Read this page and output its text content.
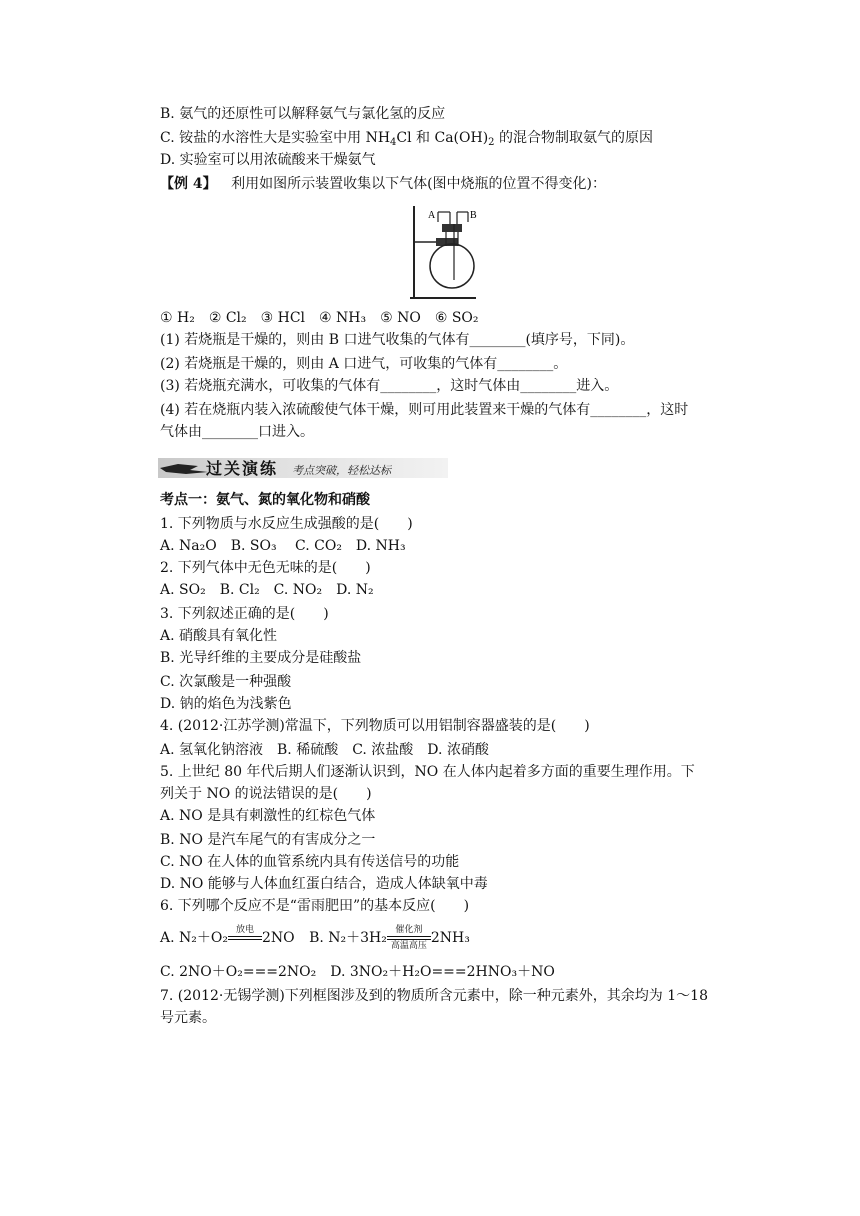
B. 氨气的还原性可以解释氨气与氯化氢的反应
C. 铵盐的水溶性大是实验室中用 $NH_4Cl$ 和 $Ca(OH)_2$ 的混合物制取氨气的原因
D. 实验室可以用浓硫酸来干燥氨气
【例 4】 利用如图所示装置收集以下气体(图中烧瓶的位置不得变化)：
A	B
① H₂　② Cl₂　③ HCl　④ NH₃　⑤ NO　⑥ SO₂
(1) 若烧瓶是干燥的，则由 B 口进气收集的气体有________(填序号，下同)。
(2) 若烧瓶是干燥的，则由 A 口进气，可收集的气体有________。
(3) 若烧瓶充满水，可收集的气体有________，这时气体由________进入。
(4) 若在烧瓶内装入浓硫酸使气体干燥，则可用此装置来干燥的气体有________，这时
气体由________口进入。
过关演练 考点突破，轻松达标
考点一：氨气、氮的氧化物和硝酸
1. 下列物质与水反应生成强酸的是(　　)
A. Na₂O　B. SO₃　 C. CO₂　D. NH₃
2. 下列气体中无色无味的是(　　)
A. SO₂　B. Cl₂　C. NO₂　D. N₂
3. 下列叙述正确的是(　　)
A. 硝酸具有氧化性
B. 光导纤维的主要成分是硅酸盐
C. 次氯酸是一种强酸
D. 钠的焰色为浅紫色
4. (2012·江苏学测)常温下，下列物质可以用铝制容器盛装的是(　　)
A. 氢氧化钠溶液　B. 稀硫酸　C. 浓盐酸　D. 浓硝酸
5. 上世纪 80 年代后期人们逐渐认识到，NO 在人体内起着多方面的重要生理作用。下
列关于 NO 的说法错误的是(　　)
A. NO 是具有刺激性的红棕色气体
B. NO 是汽车尾气的有害成分之一
C. NO 在人体的血管系统内具有传送信号的功能
D. NO 能够与人体血红蛋白结合，造成人体缺氧中毒
6. 下列哪个反应不是“雷雨肥田”的基本反应(　　)
A. N₂＋O₂ 放电
2NO B. N₂＋3H₂ 催化剂
高温高压 2NH₃
C. 2NO＋O₂===2NO₂　D. 3NO₂＋H₂O===2HNO₃＋NO
7. (2012·无锡学测)下列框图涉及到的物质所含元素中，除一种元素外，其余均为 1～18
号元素。
